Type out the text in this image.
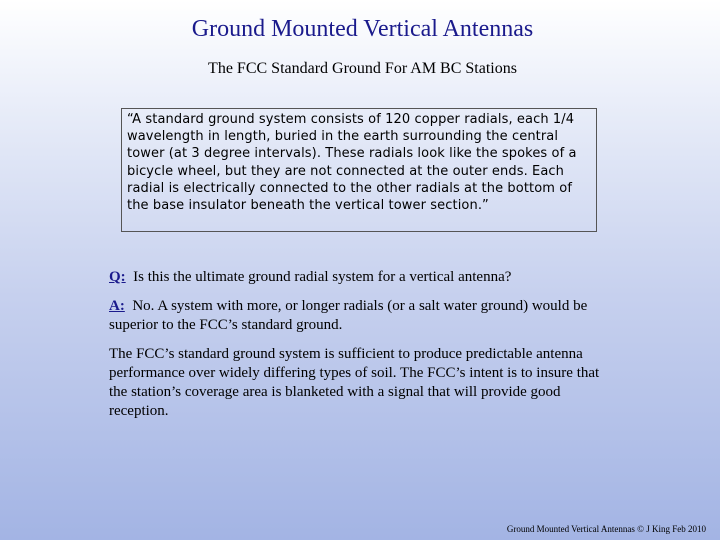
Ground Mounted Vertical Antennas
The FCC Standard Ground For AM BC Stations
“A standard ground system consists of 120 copper radials, each 1/4 wavelength in length, buried in the earth surrounding the central tower (at 3 degree intervals). These radials look like the spokes of a bicycle wheel, but they are not connected at the outer ends. Each radial is electrically connected to the other radials at the bottom of the base insulator beneath the vertical tower section.”
Q: Is this the ultimate ground radial system for a vertical antenna?
A: No. A system with more, or longer radials (or a salt water ground) would be superior to the FCC’s standard ground.
The FCC’s standard ground system is sufficient to produce predictable antenna performance over widely differing types of soil. The FCC’s intent is to insure that the station’s coverage area is blanketed with a signal that will provide good reception.
Ground Mounted Vertical Antennas © J King Feb 2010
